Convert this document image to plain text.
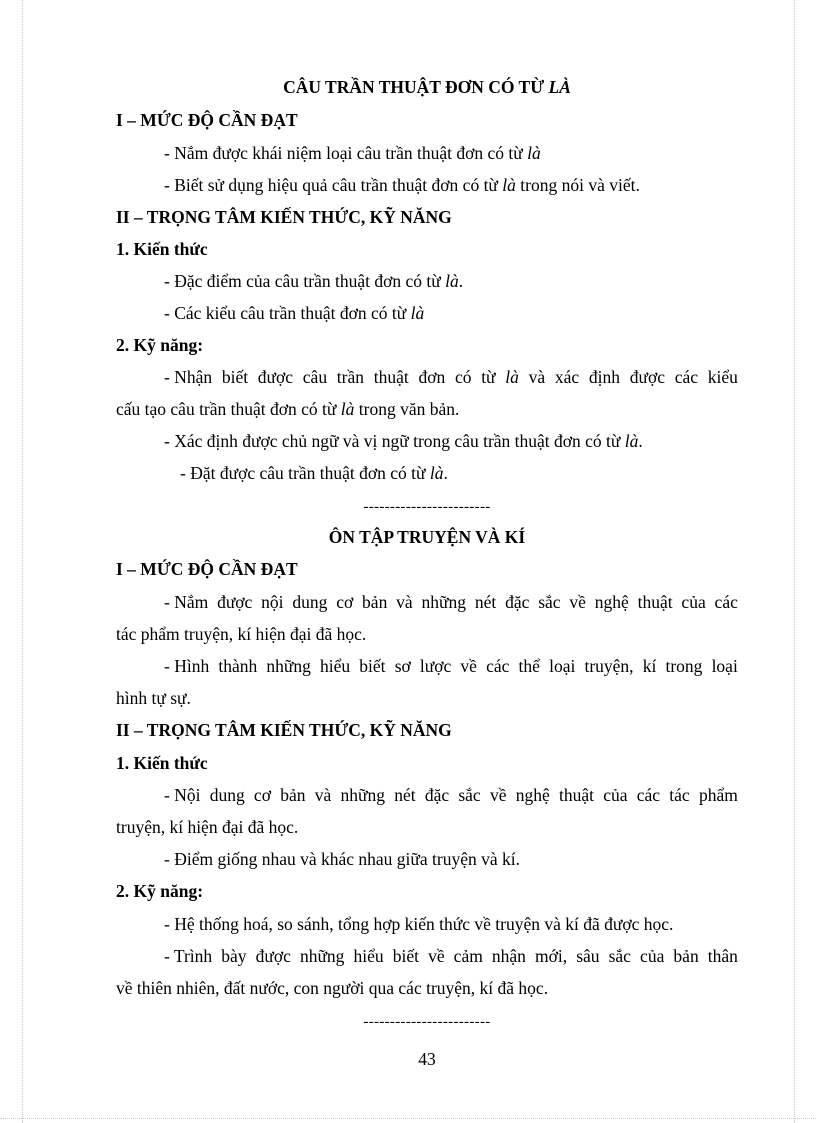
CÂU TRẦN THUẬT ĐƠN CÓ TỪ LÀ
I – MỨC ĐỘ CẦN ĐẠT
- Nắm được khái niệm loại câu trần thuật đơn có từ là
- Biết sử dụng hiệu quả câu trần thuật đơn có từ là trong nói và viết.
II – TRỌNG TÂM KIẾN THỨC, KỸ NĂNG
1. Kiến thức
- Đặc điểm của câu trần thuật đơn có từ là.
- Các kiểu câu trần thuật đơn có từ là
2. Kỹ năng:
- Nhận biết được câu trần thuật đơn có từ là và xác định được các kiểu
cấu tạo câu trần thuật đơn có từ là trong văn bản.
- Xác định được chủ ngữ và vị ngữ trong câu trần thuật đơn có từ là.
- Đặt được câu trần thuật đơn có từ là.
------------------------
ÔN TẬP TRUYỆN VÀ KÍ
I – MỨC ĐỘ CẦN ĐẠT
- Nắm được nội dung cơ bản và những nét đặc sắc về nghệ thuật của các
tác phẩm truyện, kí hiện đại đã học.
- Hình thành những hiểu biết sơ lược về các thể loại truyện, kí trong loại
hình tự sự.
II – TRỌNG TÂM KIẾN THỨC, KỸ NĂNG
1. Kiến thức
- Nội dung cơ bản và những nét đặc sắc về nghệ thuật của các tác phẩm
truyện, kí hiện đại đã học.
- Điểm giống nhau và khác nhau giữa truyện và kí.
2. Kỹ năng:
- Hệ thống hoá, so sánh, tổng hợp kiến thức về truyện và kí đã được học.
- Trình bày được những hiểu biết về cảm nhận mới, sâu sắc của bản thân
về thiên nhiên, đất nước, con người qua các truyện, kí đã học.
------------------------
43
